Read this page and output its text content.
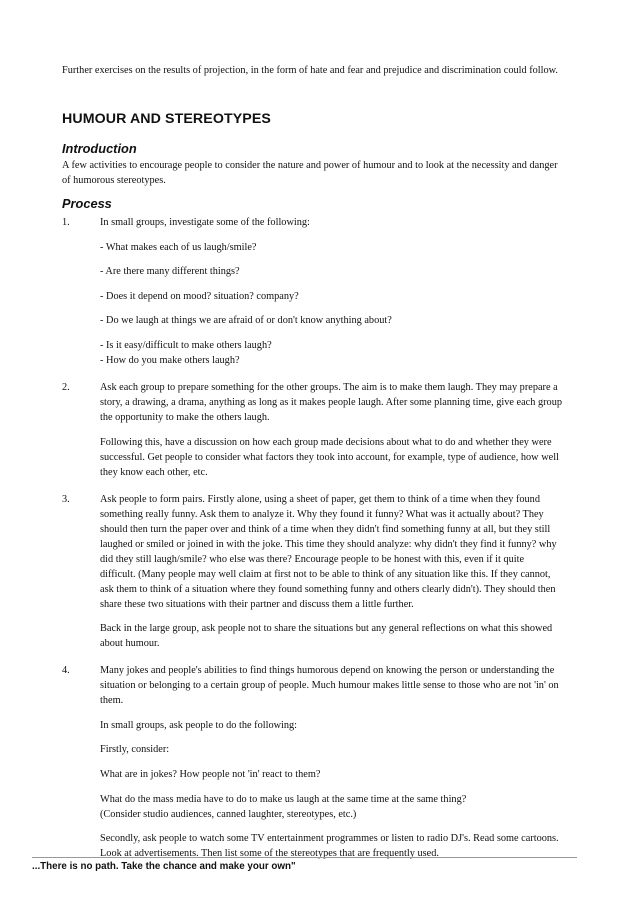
Further exercises on the results of projection, in the form of hate and fear and prejudice and discrimination could follow.

HUMOUR AND STEREOTYPES
Introduction

A few activities to encourage people to consider the nature and power of humour and to look at the necessity and danger of humorous stereotypes.

Process
1.	In small groups, investigate some of the following:

- What makes each of us laugh/smile?

- Are there many different things?

- Does it depend on mood? situation? company?

- Do we laugh at things we are afraid of or don't know anything about?

- Is it easy/difficult to make others laugh?

- How do you make others laugh?

2.	Ask each group to prepare something for the other groups. The aim is to make them laugh. They may prepare a story, a drawing, a drama, anything as long as it makes people laugh. After some planning time, give each group the opportunity to make the others laugh.

Following this, have a discussion on how each group made decisions about what to do and whether they were successful. Get people to consider what factors they took into account, for example, type of audience, how well they know each other, etc.

3.	Ask people to form pairs. Firstly alone, using a sheet of paper, get them to think of a time when they found something really funny. Ask them to analyze it. Why they found it funny? What was it actually about? They should then turn the paper over and think of a time when they didn't find something funny at all, but they still laughed or smiled or joined in with the joke. This time they should analyze: why didn't they find it funny? why did they still laugh/smile? who else was there? Encourage people to be honest with this, even if it quite difficult. (Many people may well claim at first not to be able to think of any situation like this. If they cannot, ask them to think of a situation where they found something funny and others clearly didn't). They should then share these two situations with their partner and discuss them a little further.

Back in the large group, ask people not to share the situations but any general reflections on what this showed about humour.

4.	Many jokes and people's abilities to find things humorous depend on knowing the person or understanding the situation or belonging to a certain group of people. Much humour makes little sense to those who are not 'in' on them.

In small groups, ask people to do the following:

Firstly, consider:

What are in jokes? How people not 'in' react to them?

What do the mass media have to do to make us laugh at the same time at the same thing?

(Consider studio audiences, canned laughter, stereotypes, etc.)

Secondly, ask people to watch some TV entertainment programmes or listen to radio DJ's. Read some cartoons. Look at advertisements. Then list some of the stereotypes that are frequently used.

...There is no path. Take the chance and make your own"
